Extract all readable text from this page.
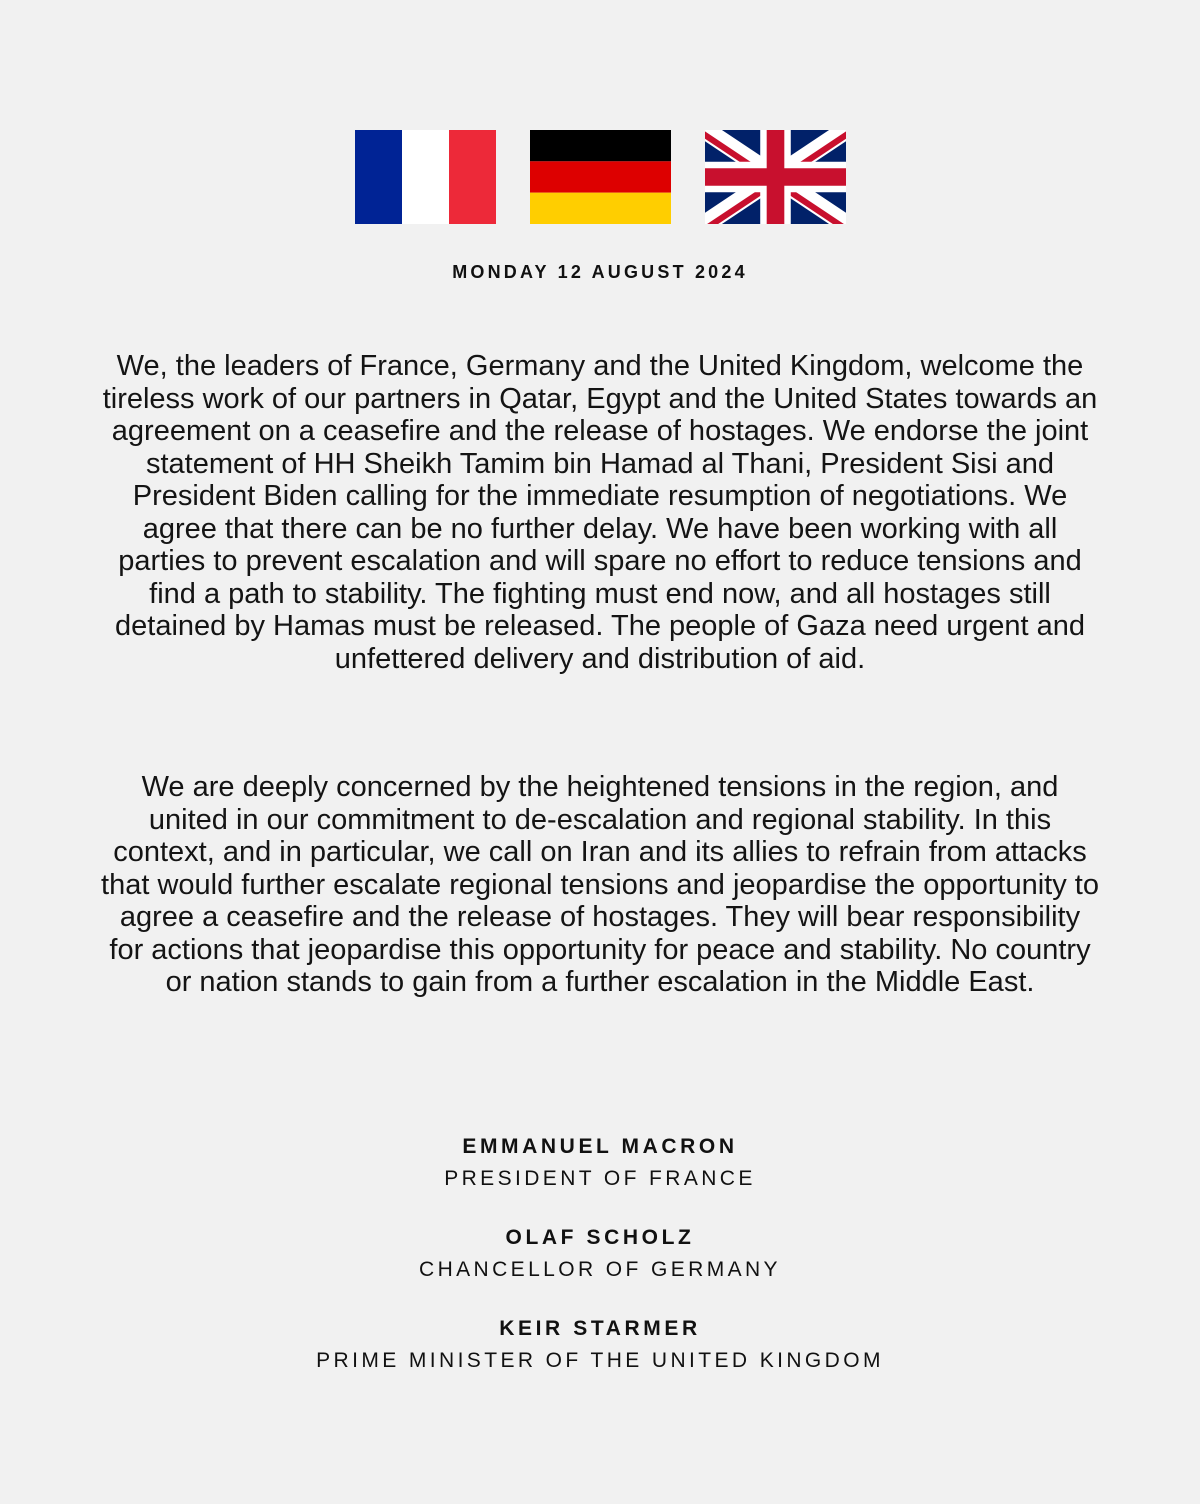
MONDAY 12 AUGUST 2024

We, the leaders of France, Germany and the United Kingdom, welcome the tireless work of our partners in Qatar, Egypt and the United States towards an agreement on a ceasefire and the release of hostages. We endorse the joint statement of HH Sheikh Tamim bin Hamad al Thani, President Sisi and President Biden calling for the immediate resumption of negotiations. We agree that there can be no further delay. We have been working with all parties to prevent escalation and will spare no effort to reduce tensions and find a path to stability. The fighting must end now, and all hostages still detained by Hamas must be released. The people of Gaza need urgent and unfettered delivery and distribution of aid.

We are deeply concerned by the heightened tensions in the region, and united in our commitment to de-escalation and regional stability. In this context, and in particular, we call on Iran and its allies to refrain from attacks that would further escalate regional tensions and jeopardise the opportunity to agree a ceasefire and the release of hostages. They will bear responsibility for actions that jeopardise this opportunity for peace and stability. No country or nation stands to gain from a further escalation in the Middle East.

EMMANUEL MACRON
PRESIDENT OF FRANCE
OLAF SCHOLZ
CHANCELLOR OF GERMANY
KEIR STARMER
PRIME MINISTER OF THE UNITED KINGDOM
